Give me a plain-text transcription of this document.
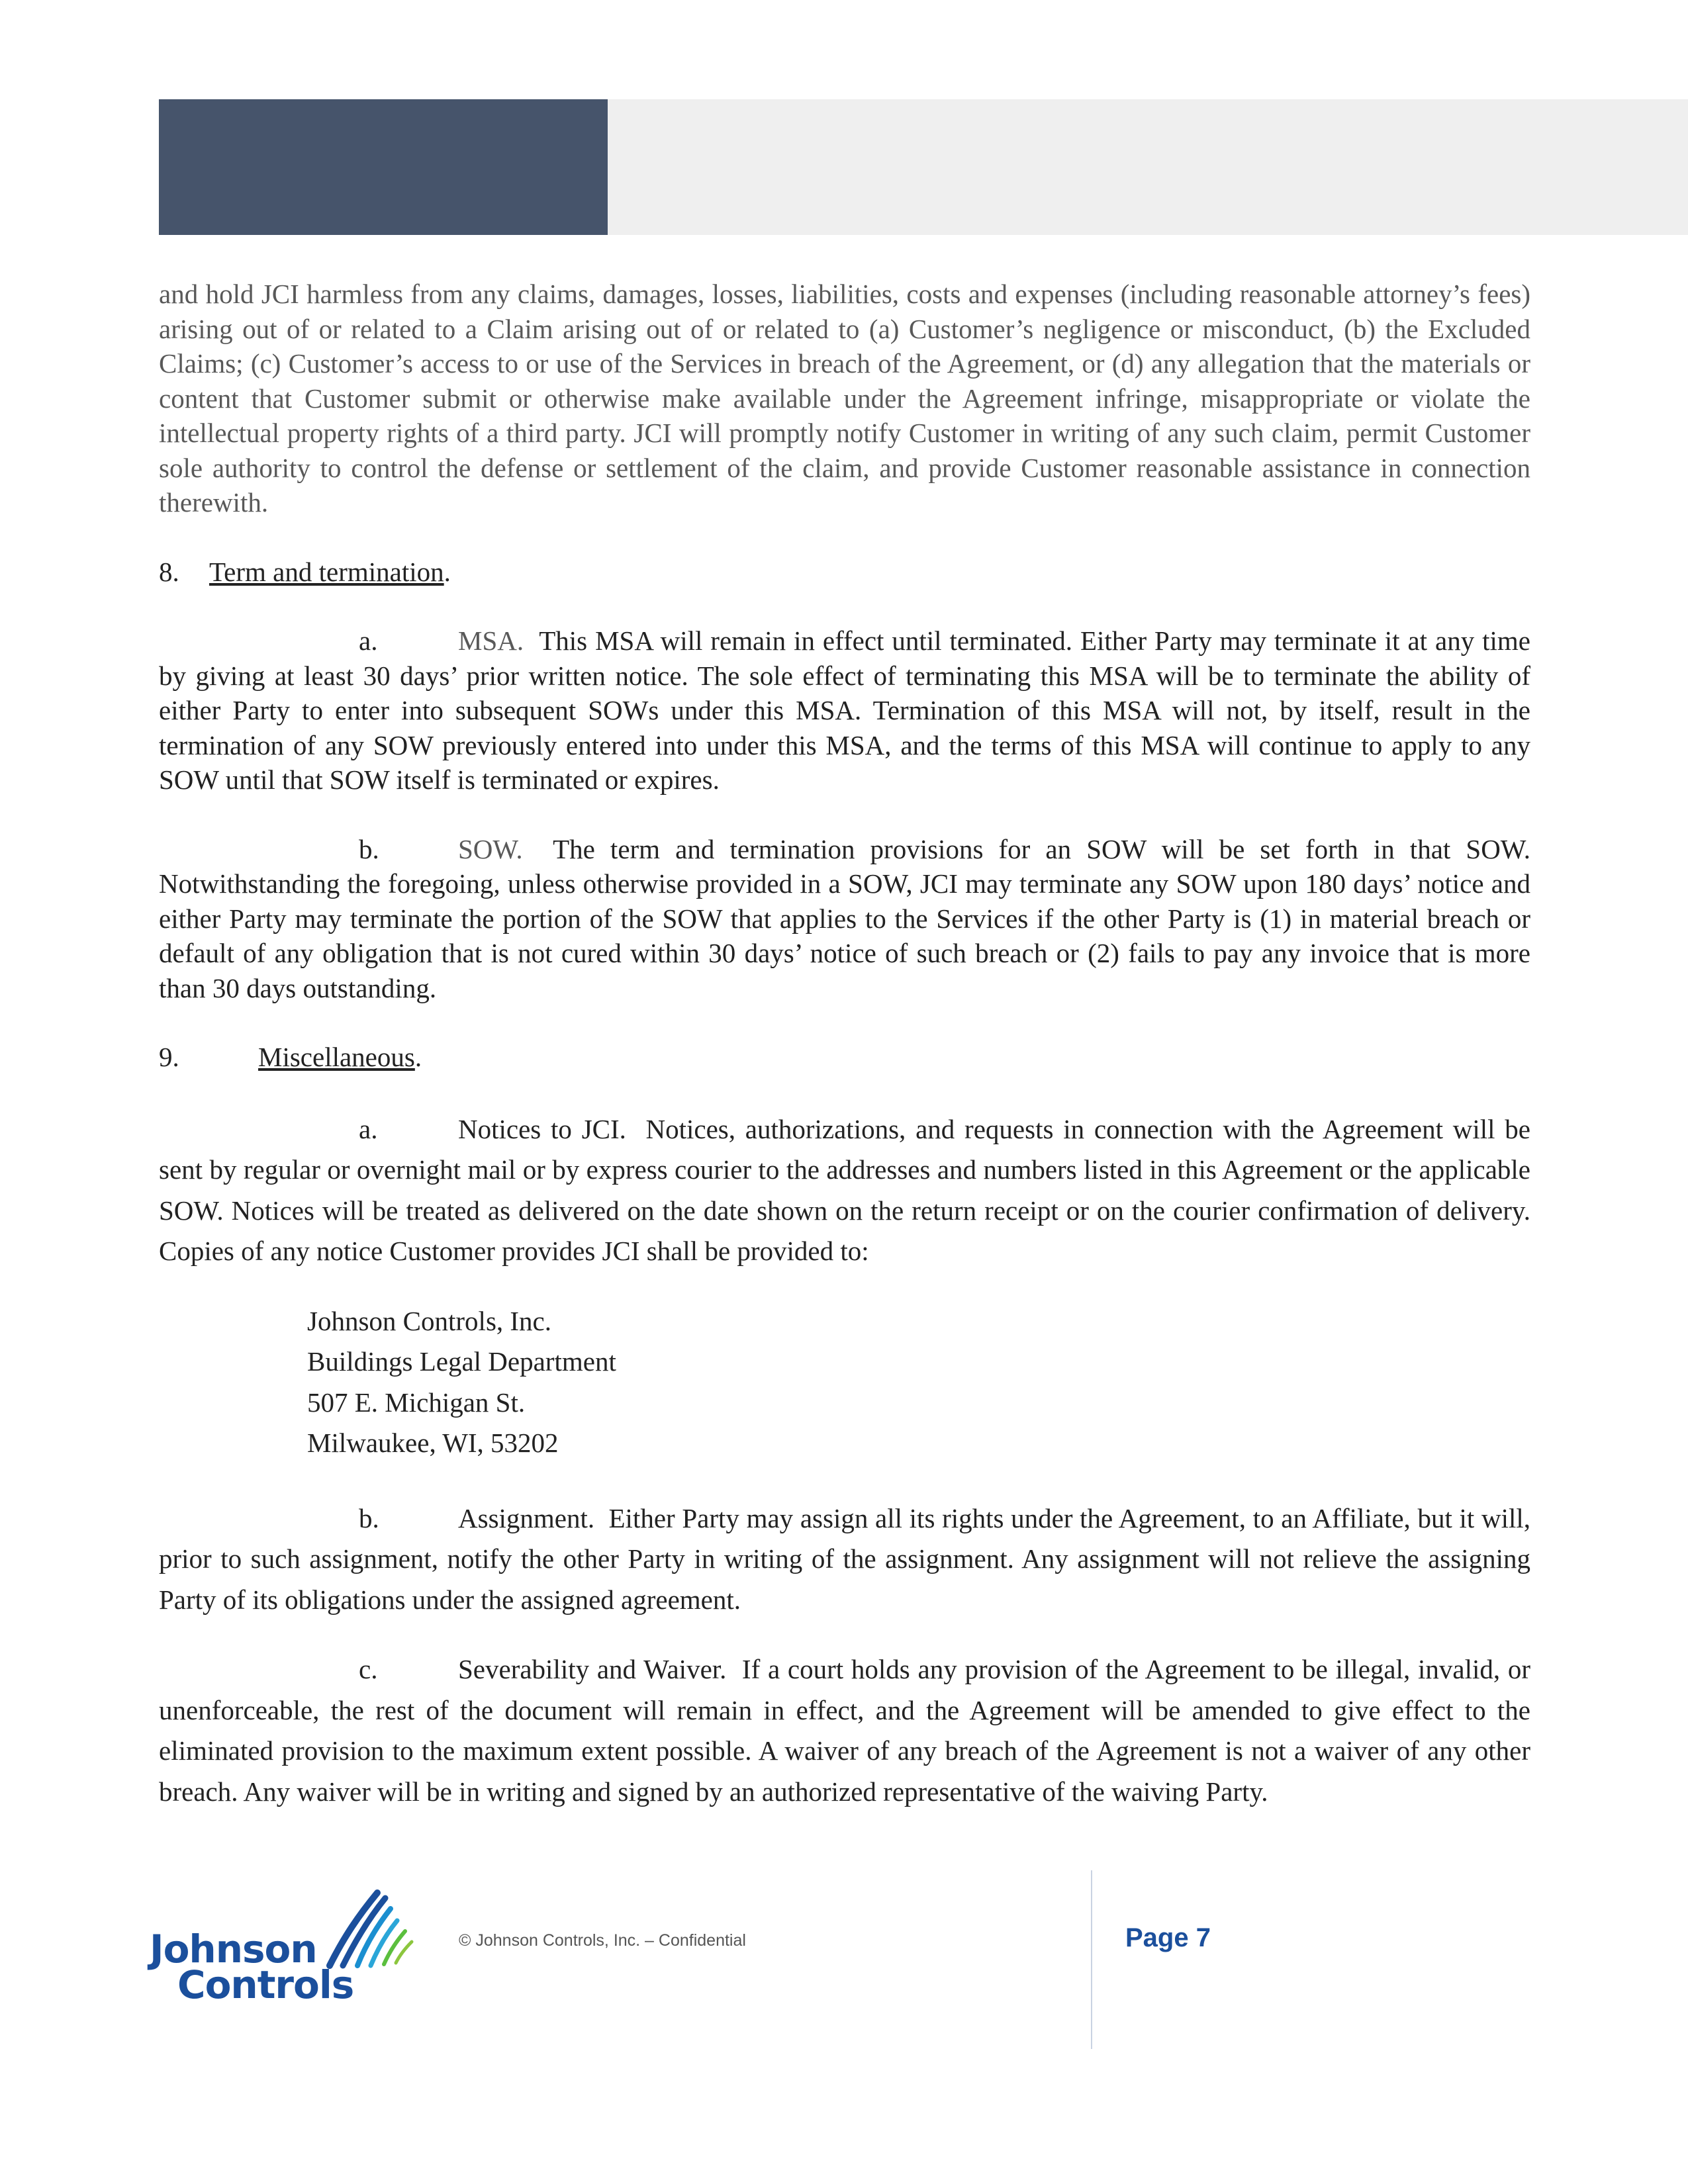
and hold JCI harmless from any claims, damages, losses, liabilities, costs and expenses (including reasonable attorney’s fees) arising out of or related to a Claim arising out of or related to (a) Customer’s negligence or misconduct, (b) the Excluded Claims; (c) Customer’s access to or use of the Services in breach of the Agreement, or (d) any allegation that the materials or content that Customer submit or otherwise make available under the Agreement infringe, misappropriate or violate the intellectual property rights of a third party. JCI will promptly notify Customer in writing of any such claim, permit Customer sole authority to control the defense or settlement of the claim, and provide Customer reasonable assistance in connection therewith.

8. Term and termination.

a.	MSA. This MSA will remain in effect until terminated. Either Party may terminate it at any time by giving at least 30 days’ prior written notice. The sole effect of terminating this MSA will be to terminate the ability of either Party to enter into subsequent SOWs under this MSA. Termination of this MSA will not, by itself, result in the termination of any SOW previously entered into under this MSA, and the terms of this MSA will continue to apply to any SOW until that SOW itself is terminated or expires.

b.	SOW. The term and termination provisions for an SOW will be set forth in that SOW. Notwithstanding the foregoing, unless otherwise provided in a SOW, JCI may terminate any SOW upon 180 days’ notice and either Party may terminate the portion of the SOW that applies to the Services if the other Party is (1) in material breach or default of any obligation that is not cured within 30 days’ notice of such breach or (2) fails to pay any invoice that is more than 30 days outstanding.

9.	Miscellaneous.

a.	Notices to JCI. Notices, authorizations, and requests in connection with the Agreement will be sent by regular or overnight mail or by express courier to the addresses and numbers listed in this Agreement or the applicable SOW. Notices will be treated as delivered on the date shown on the return receipt or on the courier confirmation of delivery. Copies of any notice Customer provides JCI shall be provided to:

Johnson Controls, Inc.
Buildings Legal Department
507 E. Michigan St.
Milwaukee, WI, 53202

b.	Assignment. Either Party may assign all its rights under the Agreement, to an Affiliate, but it will, prior to such assignment, notify the other Party in writing of the assignment. Any assignment will not relieve the assigning Party of its obligations under the assigned agreement.

c.	Severability and Waiver. If a court holds any provision of the Agreement to be illegal, invalid, or unenforceable, the rest of the document will remain in effect, and the Agreement will be amended to give effect to the eliminated provision to the maximum extent possible. A waiver of any breach of the Agreement is not a waiver of any other breach. Any waiver will be in writing and signed by an authorized representative of the waiving Party.

Johnson
Controls
© Johnson Controls, Inc. – Confidential	Page 7
